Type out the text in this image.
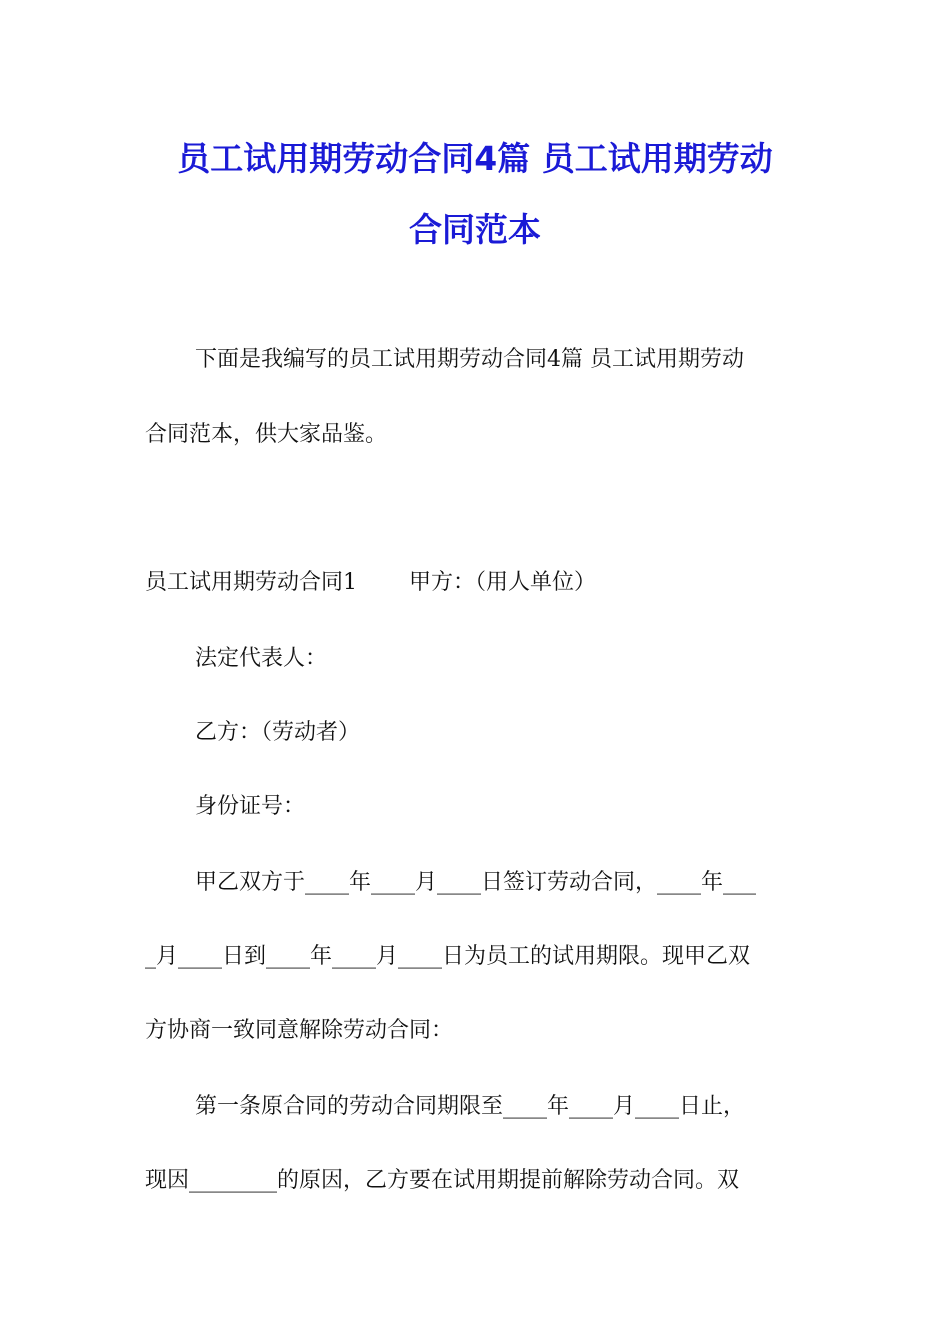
员工试用期劳动合同4篇 员工试用期劳动
合同范本
下面是我编写的员工试用期劳动合同4篇 员工试用期劳动
合同范本，供大家品鉴。
员工试用期劳动合同1 甲方：（用人单位）
法定代表人：
乙方：（劳动者）
身份证号：
甲乙双方于____年____月____日签订劳动合同，____年___
_月____日到____年____月____日为员工的试用期限。现甲乙双
方协商一致同意解除劳动合同：
第一条原合同的劳动合同期限至____年____月____日止，
现因________的原因，乙方要在试用期提前解除劳动合同。双
